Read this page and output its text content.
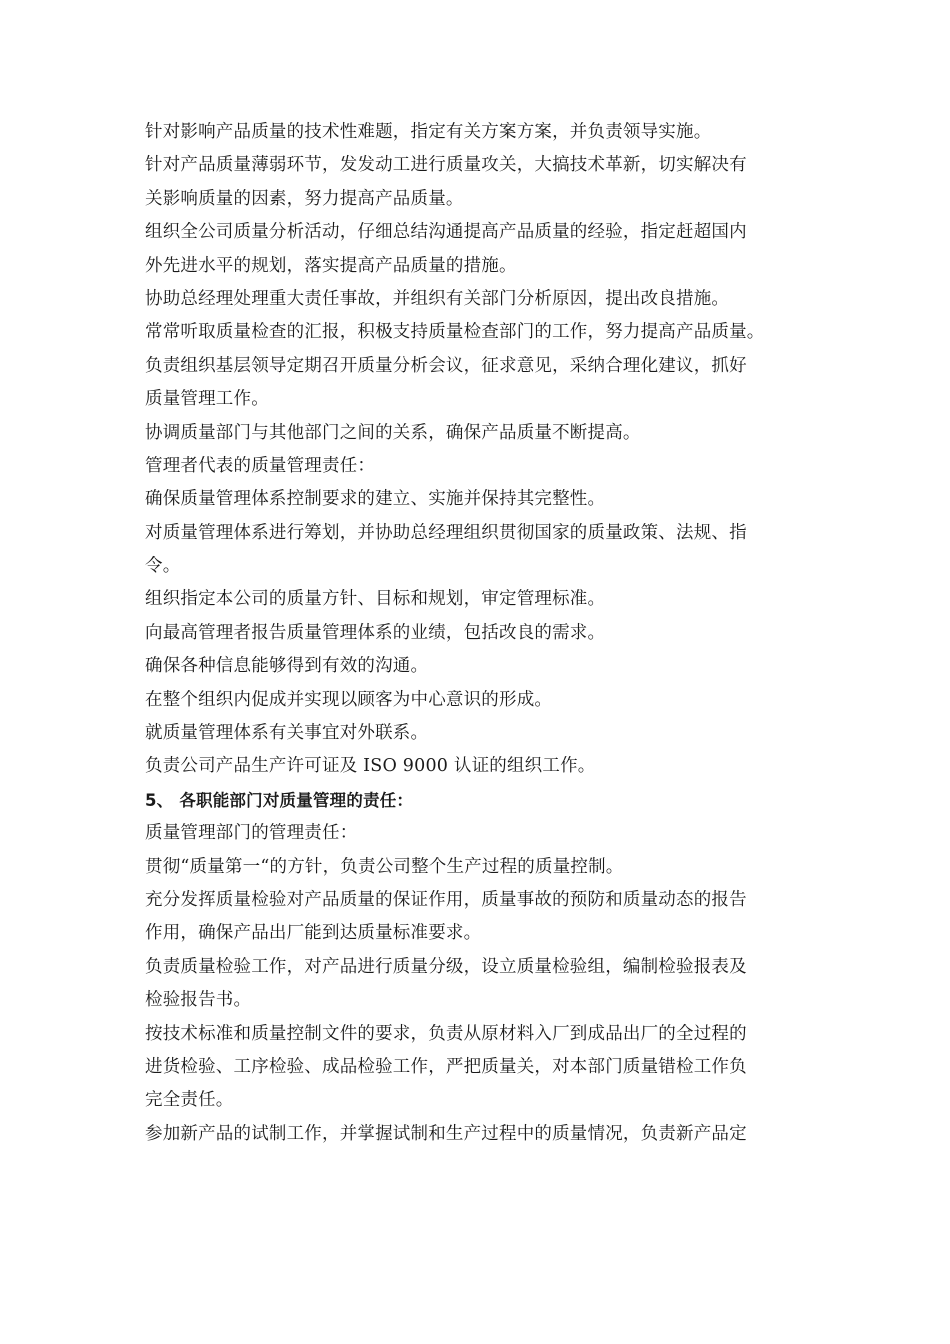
针对影响产品质量的技术性难题，指定有关方案方案，并负责领导实施。
针对产品质量薄弱环节，发发动工进行质量攻关，大搞技术革新，切实解决有
关影响质量的因素，努力提高产品质量。
组织全公司质量分析活动，仔细总结沟通提高产品质量的经验，指定赶超国内
外先进水平的规划，落实提高产品质量的措施。
协助总经理处理重大责任事故，并组织有关部门分析原因，提出改良措施。
常常听取质量检查的汇报，积极支持质量检查部门的工作，努力提高产品质量。
负责组织基层领导定期召开质量分析会议，征求意见，采纳合理化建议，抓好
质量管理工作。
协调质量部门与其他部门之间的关系，确保产品质量不断提高。
管理者代表的质量管理责任：
确保质量管理体系控制要求的建立、实施并保持其完整性。
对质量管理体系进行筹划，并协助总经理组织贯彻国家的质量政策、法规、指
令。
组织指定本公司的质量方针、目标和规划，审定管理标准。
向最高管理者报告质量管理体系的业绩，包括改良的需求。
确保各种信息能够得到有效的沟通。
在整个组织内促成并实现以顾客为中心意识的形成。
就质量管理体系有关事宜对外联系。
负责公司产品生产许可证及 ISO 9000 认证的组织工作。
5、 各职能部门对质量管理的责任：
质量管理部门的管理责任：
贯彻“质量第一“的方针，负责公司整个生产过程的质量控制。
充分发挥质量检验对产品质量的保证作用，质量事故的预防和质量动态的报告
作用，确保产品出厂能到达质量标准要求。
负责质量检验工作，对产品进行质量分级，设立质量检验组，编制检验报表及
检验报告书。
按技术标准和质量控制文件的要求，负责从原材料入厂到成品出厂的全过程的
进货检验、工序检验、成品检验工作，严把质量关，对本部门质量错检工作负
完全责任。
参加新产品的试制工作，并掌握试制和生产过程中的质量情况，负责新产品定
